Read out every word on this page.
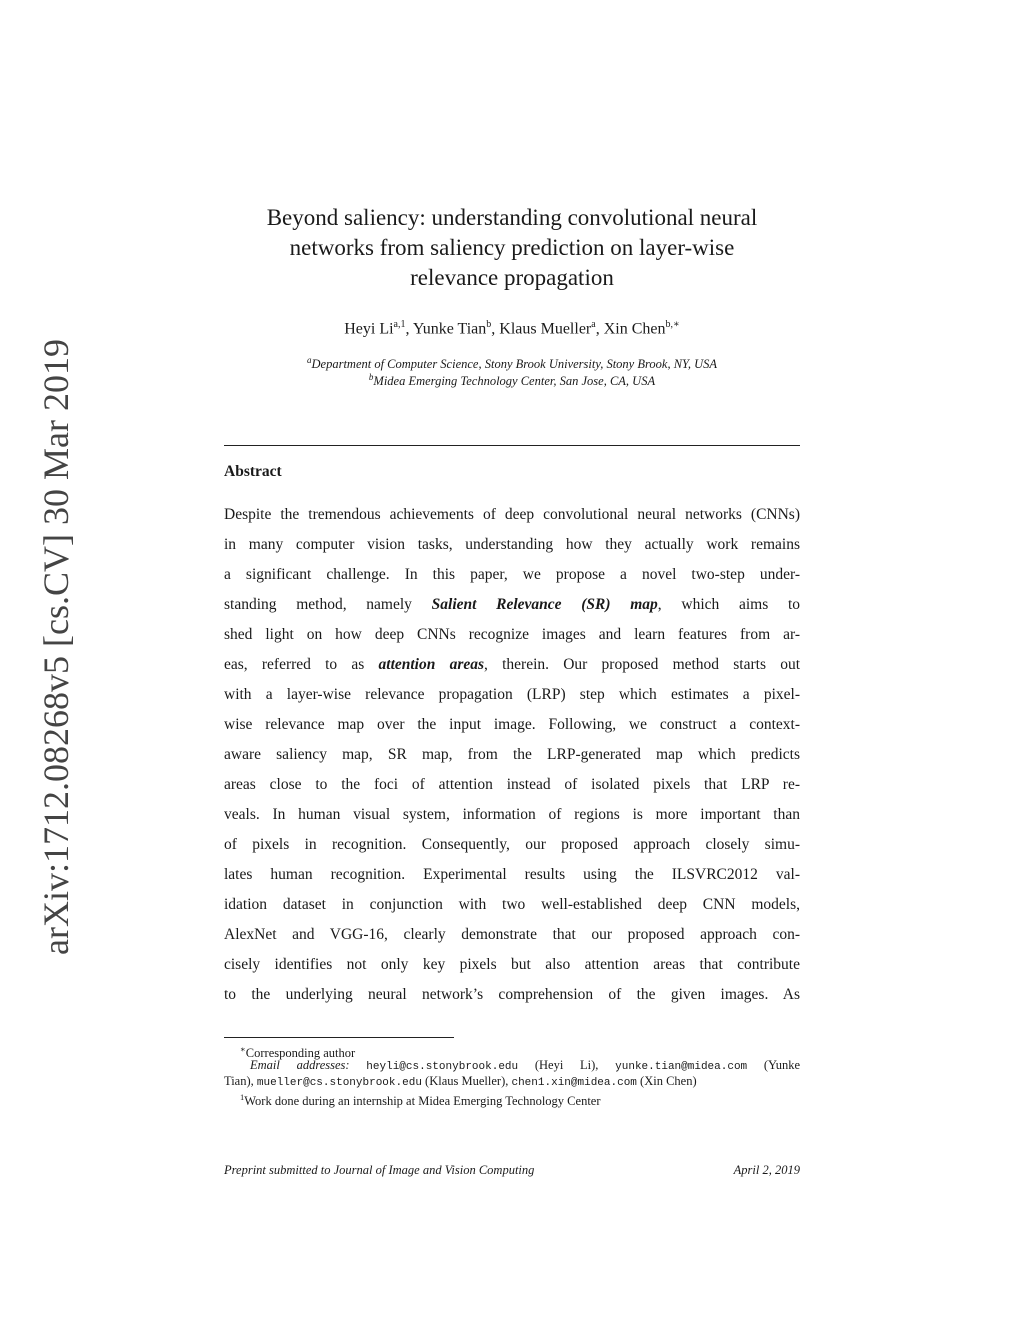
arXiv:1712.08268v5 [cs.CV] 30 Mar 2019
Beyond saliency: understanding convolutional neural
networks from saliency prediction on layer-wise
relevance propagation
Heyi Li$^{a,1}$, Yunke Tian$^b$, Klaus Mueller$^a$, Xin Chen$^{b,∗}$
$^a$Department of Computer Science, Stony Brook University, Stony Brook, NY, USA
$^b$Midea Emerging Technology Center, San Jose, CA, USA
Abstract
Despite the tremendous achievements of deep convolutional neural networks (CNNs)
in many computer vision tasks, understanding how they actually work remains
a significant challenge. In this paper, we propose a novel two-step under-
standing method, namely Salient Relevance (SR) map, which aims to
shed light on how deep CNNs recognize images and learn features from ar-
eas, referred to as attention areas, therein. Our proposed method starts out
with a layer-wise relevance propagation (LRP) step which estimates a pixel-
wise relevance map over the input image. Following, we construct a context-
aware saliency map, SR map, from the LRP-generated map which predicts
areas close to the foci of attention instead of isolated pixels that LRP re-
veals. In human visual system, information of regions is more important than
of pixels in recognition. Consequently, our proposed approach closely simu-
lates human recognition. Experimental results using the ILSVRC2012 val-
idation dataset in conjunction with two well-established deep CNN models,
AlexNet and VGG-16, clearly demonstrate that our proposed approach con-
cisely identifies not only key pixels but also attention areas that contribute
to the underlying neural network’s comprehension of the given images. As
∗Corresponding author
Email addresses: heyli@cs.stonybrook.edu (Heyi Li), yunke.tian@midea.com (Yunke
Tian), mueller@cs.stonybrook.edu (Klaus Mueller), chen1.xin@midea.com (Xin Chen)
$^1$Work done during an internship at Midea Emerging Technology Center
Preprint submitted to Journal of Image and Vision Computing	April 2, 2019
